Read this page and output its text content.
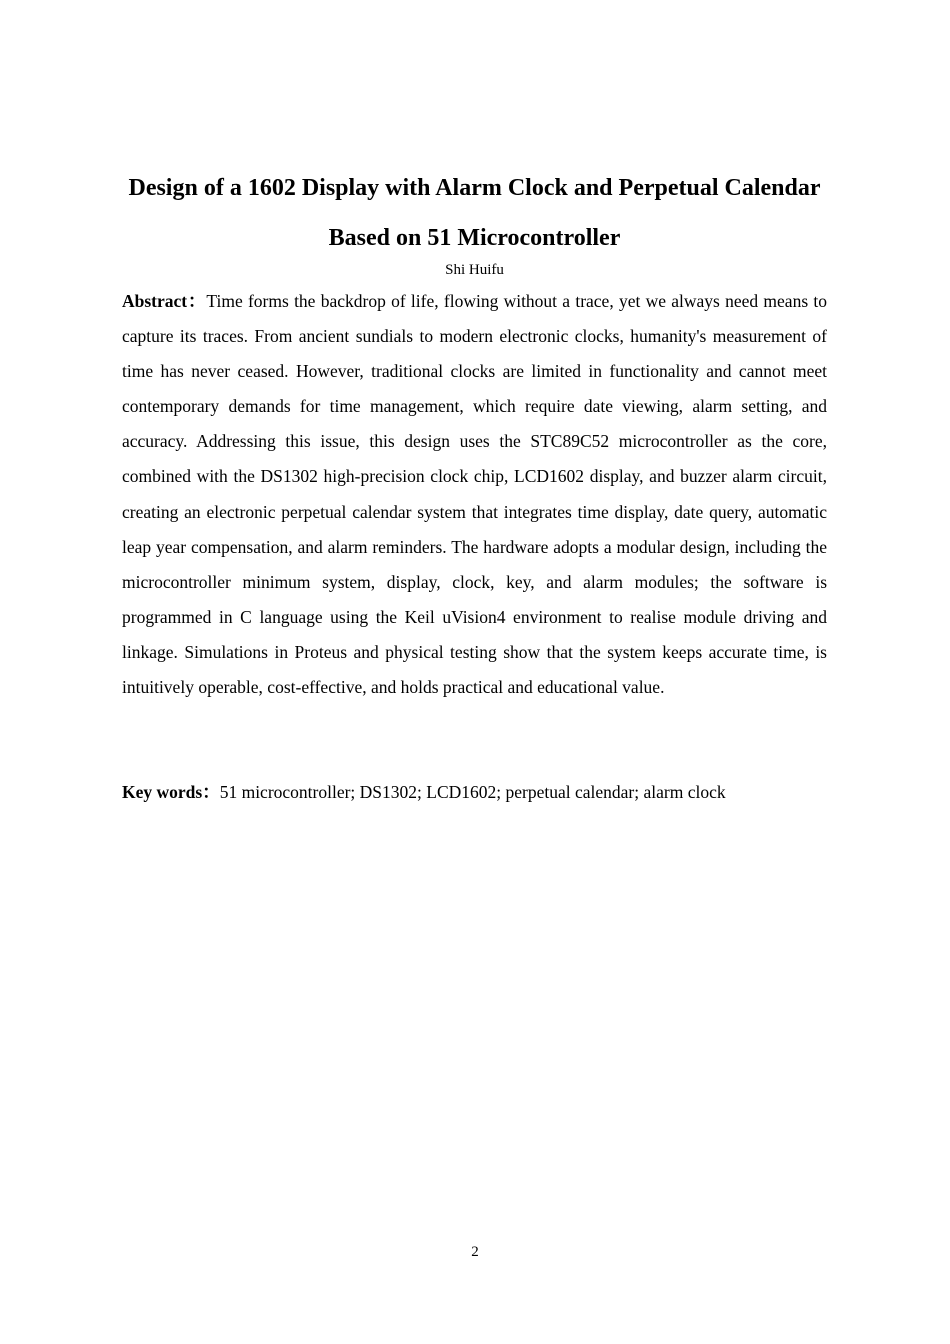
Design of a 1602 Display with Alarm Clock and Perpetual Calendar Based on 51 Microcontroller
Shi Huifu

Abstract：Time forms the backdrop of life, flowing without a trace, yet we always need means to capture its traces. From ancient sundials to modern electronic clocks, humanity's measurement of time has never ceased. However, traditional clocks are limited in functionality and cannot meet contemporary demands for time management, which require date viewing, alarm setting, and accuracy. Addressing this issue, this design uses the STC89C52 microcontroller as the core, combined with the DS1302 high-precision clock chip, LCD1602 display, and buzzer alarm circuit, creating an electronic perpetual calendar system that integrates time display, date query, automatic leap year compensation, and alarm reminders. The hardware adopts a modular design, including the microcontroller minimum system, display, clock, key, and alarm modules; the software is programmed in C language using the Keil uVision4 environment to realise module driving and linkage. Simulations in Proteus and physical testing show that the system keeps accurate time, is intuitively operable, cost-effective, and holds practical and educational value.

Key words：51 microcontroller; DS1302; LCD1602; perpetual calendar; alarm clock

2
